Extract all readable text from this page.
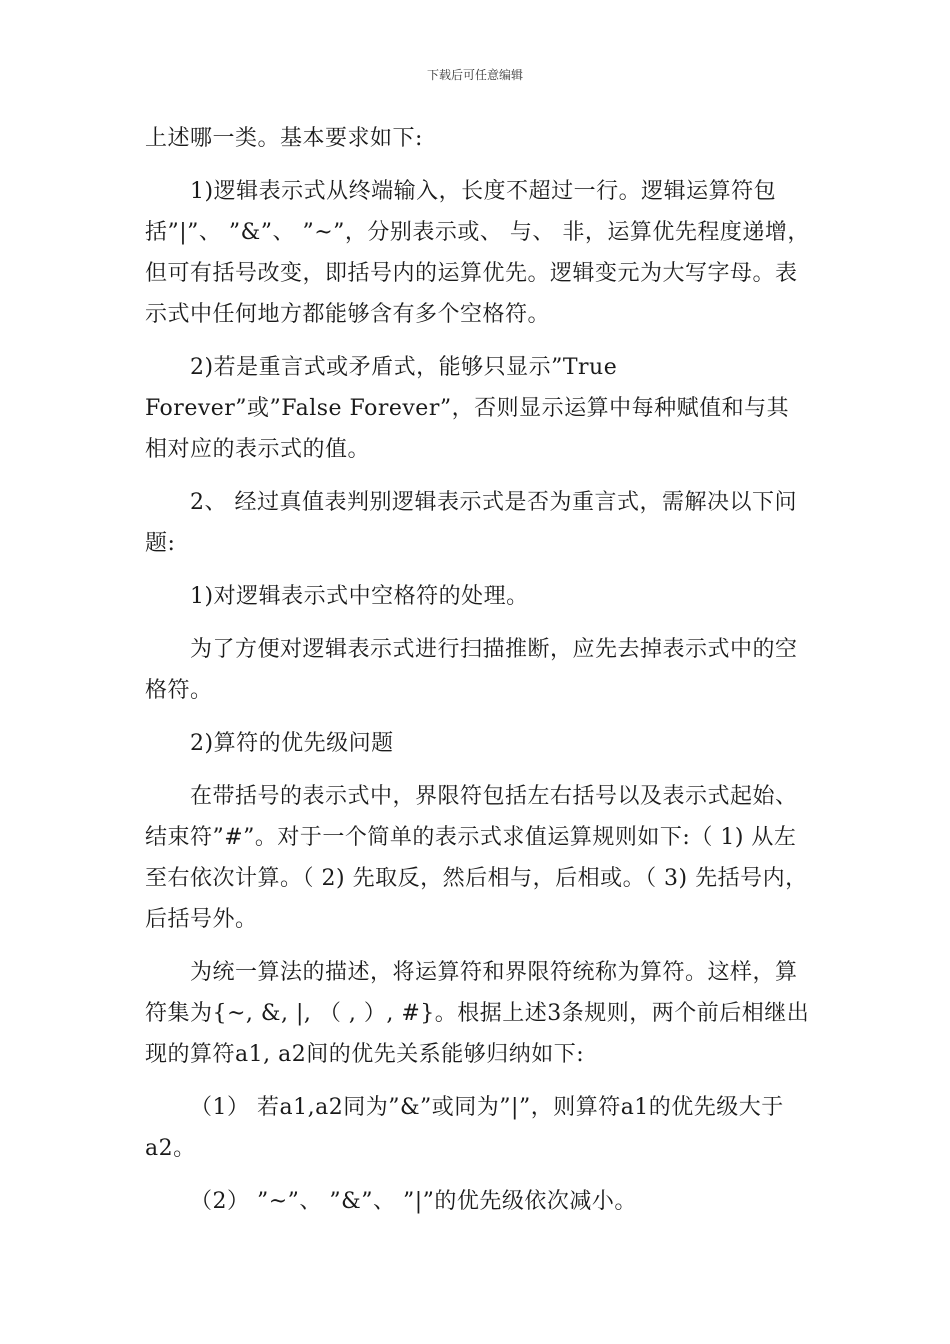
下载后可任意编辑

上述哪一类。基本要求如下:

1)逻辑表示式从终端输入，长度不超过一行。逻辑运算符包括”|”、 ”&”、 ”~”，分别表示或、 与、 非，运算优先程度递增，但可有括号改变，即括号内的运算优先。逻辑变元为大写字母。表示式中任何地方都能够含有多个空格符。

2)若是重言式或矛盾式，能够只显示”True Forever”或”False Forever”，否则显示运算中每种赋值和与其相对应的表示式的值。

2、 经过真值表判别逻辑表示式是否为重言式，需解决以下问题:

1)对逻辑表示式中空格符的处理。

为了方便对逻辑表示式进行扫描推断，应先去掉表示式中的空格符。

2)算符的优先级问题

在带括号的表示式中，界限符包括左右括号以及表示式起始、 结束符”#”。对于一个简单的表示式求值运算规则如下:（ 1) 从左至右依次计算。（ 2) 先取反，然后相与，后相或。（ 3) 先括号内，后括号外。

为统一算法的描述，将运算符和界限符统称为算符。这样，算符集为{~, &, |, （ , ）, #}。根据上述3条规则，两个前后相继出现的算符a1, a2间的优先关系能够归纳如下:

（1） 若a1,a2同为”&”或同为”|”，则算符a1的优先级大于a2。

（2） ”~”、 ”&”、 ”|”的优先级依次减小。
